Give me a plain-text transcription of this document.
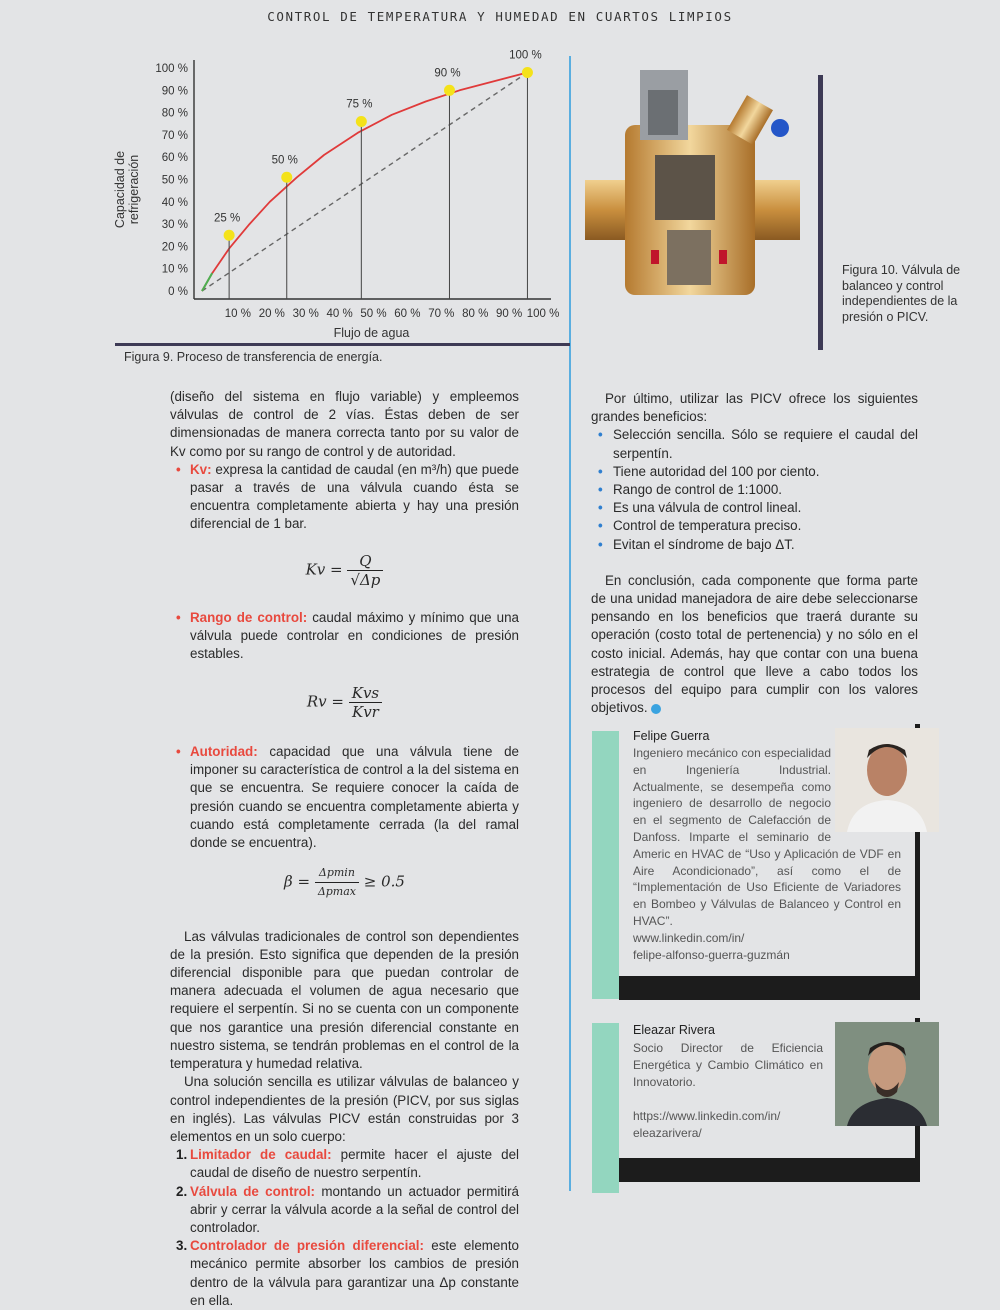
CONTROL DE TEMPERATURA Y HUMEDAD EN CUARTOS LIMPIOS
0 %
10 %
20 %
30 %
40 %
50 %
60 %
70 %
80 %
90 %
100 %
10 % 20 % 30 % 40 % 50 % 60 % 70 % 80 % 90 % 100 %
Flujo de agua
Capacidad de refrigeración	25 %
50 %
75 %
90 %
100 %
Figura 9. Proceso de transferencia de energía.

(diseño del sistema en flujo variable) y empleemos válvulas de control de 2 vías. Éstas deben de ser dimensionadas de manera correcta tanto por su valor de Kv como por su rango de control y de autoridad.

• Kv: expresa la cantidad de caudal (en m³/h) que puede pasar a través de una válvula cuando ésta se encuentra completamente abierta y hay una presión diferencial de 1 bar.

$Kv = \frac{Q}{√\Delta p}$

• Rango de control: caudal máximo y mínimo que una válvula puede controlar en condiciones de presión estables.

$Rv = \frac{\text{Kvs}}{\text{Kvr}}$

• Autoridad: capacidad que una válvula tiene de imponer su característica de control a la del sistema en que se encuentra. Se requiere conocer la caída de presión cuando se encuentra completamente abierta y cuando está completamente cerrada (la del ramal donde se encuentra).

$\beta = \frac{\Delta pmin}{\Delta pmax} \ge 0.5$

Las válvulas tradicionales de control son dependientes de la presión. Esto significa que dependen de la presión diferencial disponible para que puedan controlar de manera adecuada el volumen de agua necesario que requiere el serpentín. Si no se cuenta con un componente que nos garantice una presión diferencial constante en nuestro sistema, se tendrán problemas en el control de la temperatura y humedad relativa.

Una solución sencilla es utilizar válvulas de balanceo y control independientes de la presión (PICV, por sus siglas en inglés). Las válvulas PICV están construidas por 3 elementos en un solo cuerpo:

1. Limitador de caudal: permite hacer el ajuste del caudal de diseño de nuestro serpentín.

2. Válvula de control: montando un actuador permitirá abrir y cerrar la válvula acorde a la señal de control del controlador.

3. Controlador de presión diferencial: este elemento mecánico permite absorber los cambios de presión dentro de la válvula para garantizar una Δp constante en ella.

Figura 10. Válvula de balanceo y control independientes de la presión o PICV.

Por último, utilizar las PICV ofrece los siguientes grandes beneficios:

• Selección sencilla. Sólo se requiere el caudal del serpentín.

• Tiene autoridad del 100 por ciento.

• Rango de control de 1:1000.

• Es una válvula de control lineal.

• Control de temperatura preciso.

• Evitan el síndrome de bajo ΔT.

En conclusión, cada componente que forma parte de una unidad manejadora de aire debe seleccionarse pensando en los beneficios que traerá durante su operación (costo total de pertenencia) y no sólo en el costo inicial. Además, hay que contar con una buena estrategia de control que lleve a cabo todos los procesos del equipo para cumplir con los valores objetivos.

Felipe Guerra
Ingeniero mecánico con especialidad en Ingeniería Industrial. Actualmente, se desempeña como ingeniero de desarrollo de negocio en el segmento de Calefacción de Danfoss. Imparte el seminario de Americ en HVAC de “Uso y Aplicación de VDF en Aire Acondicionado”, así como el de “Implementación de Uso Eficiente de Variadores en Bombeo y Válvulas de Balanceo y Control en HVAC”.
www.linkedin.com/in/
felipe-alfonso-guerra-guzmán
Eleazar Rivera
Socio Director de Eficiencia Energética y Cambio Climático en Innovatorio.
https://www.linkedin.com/in/
eleazarivera/
